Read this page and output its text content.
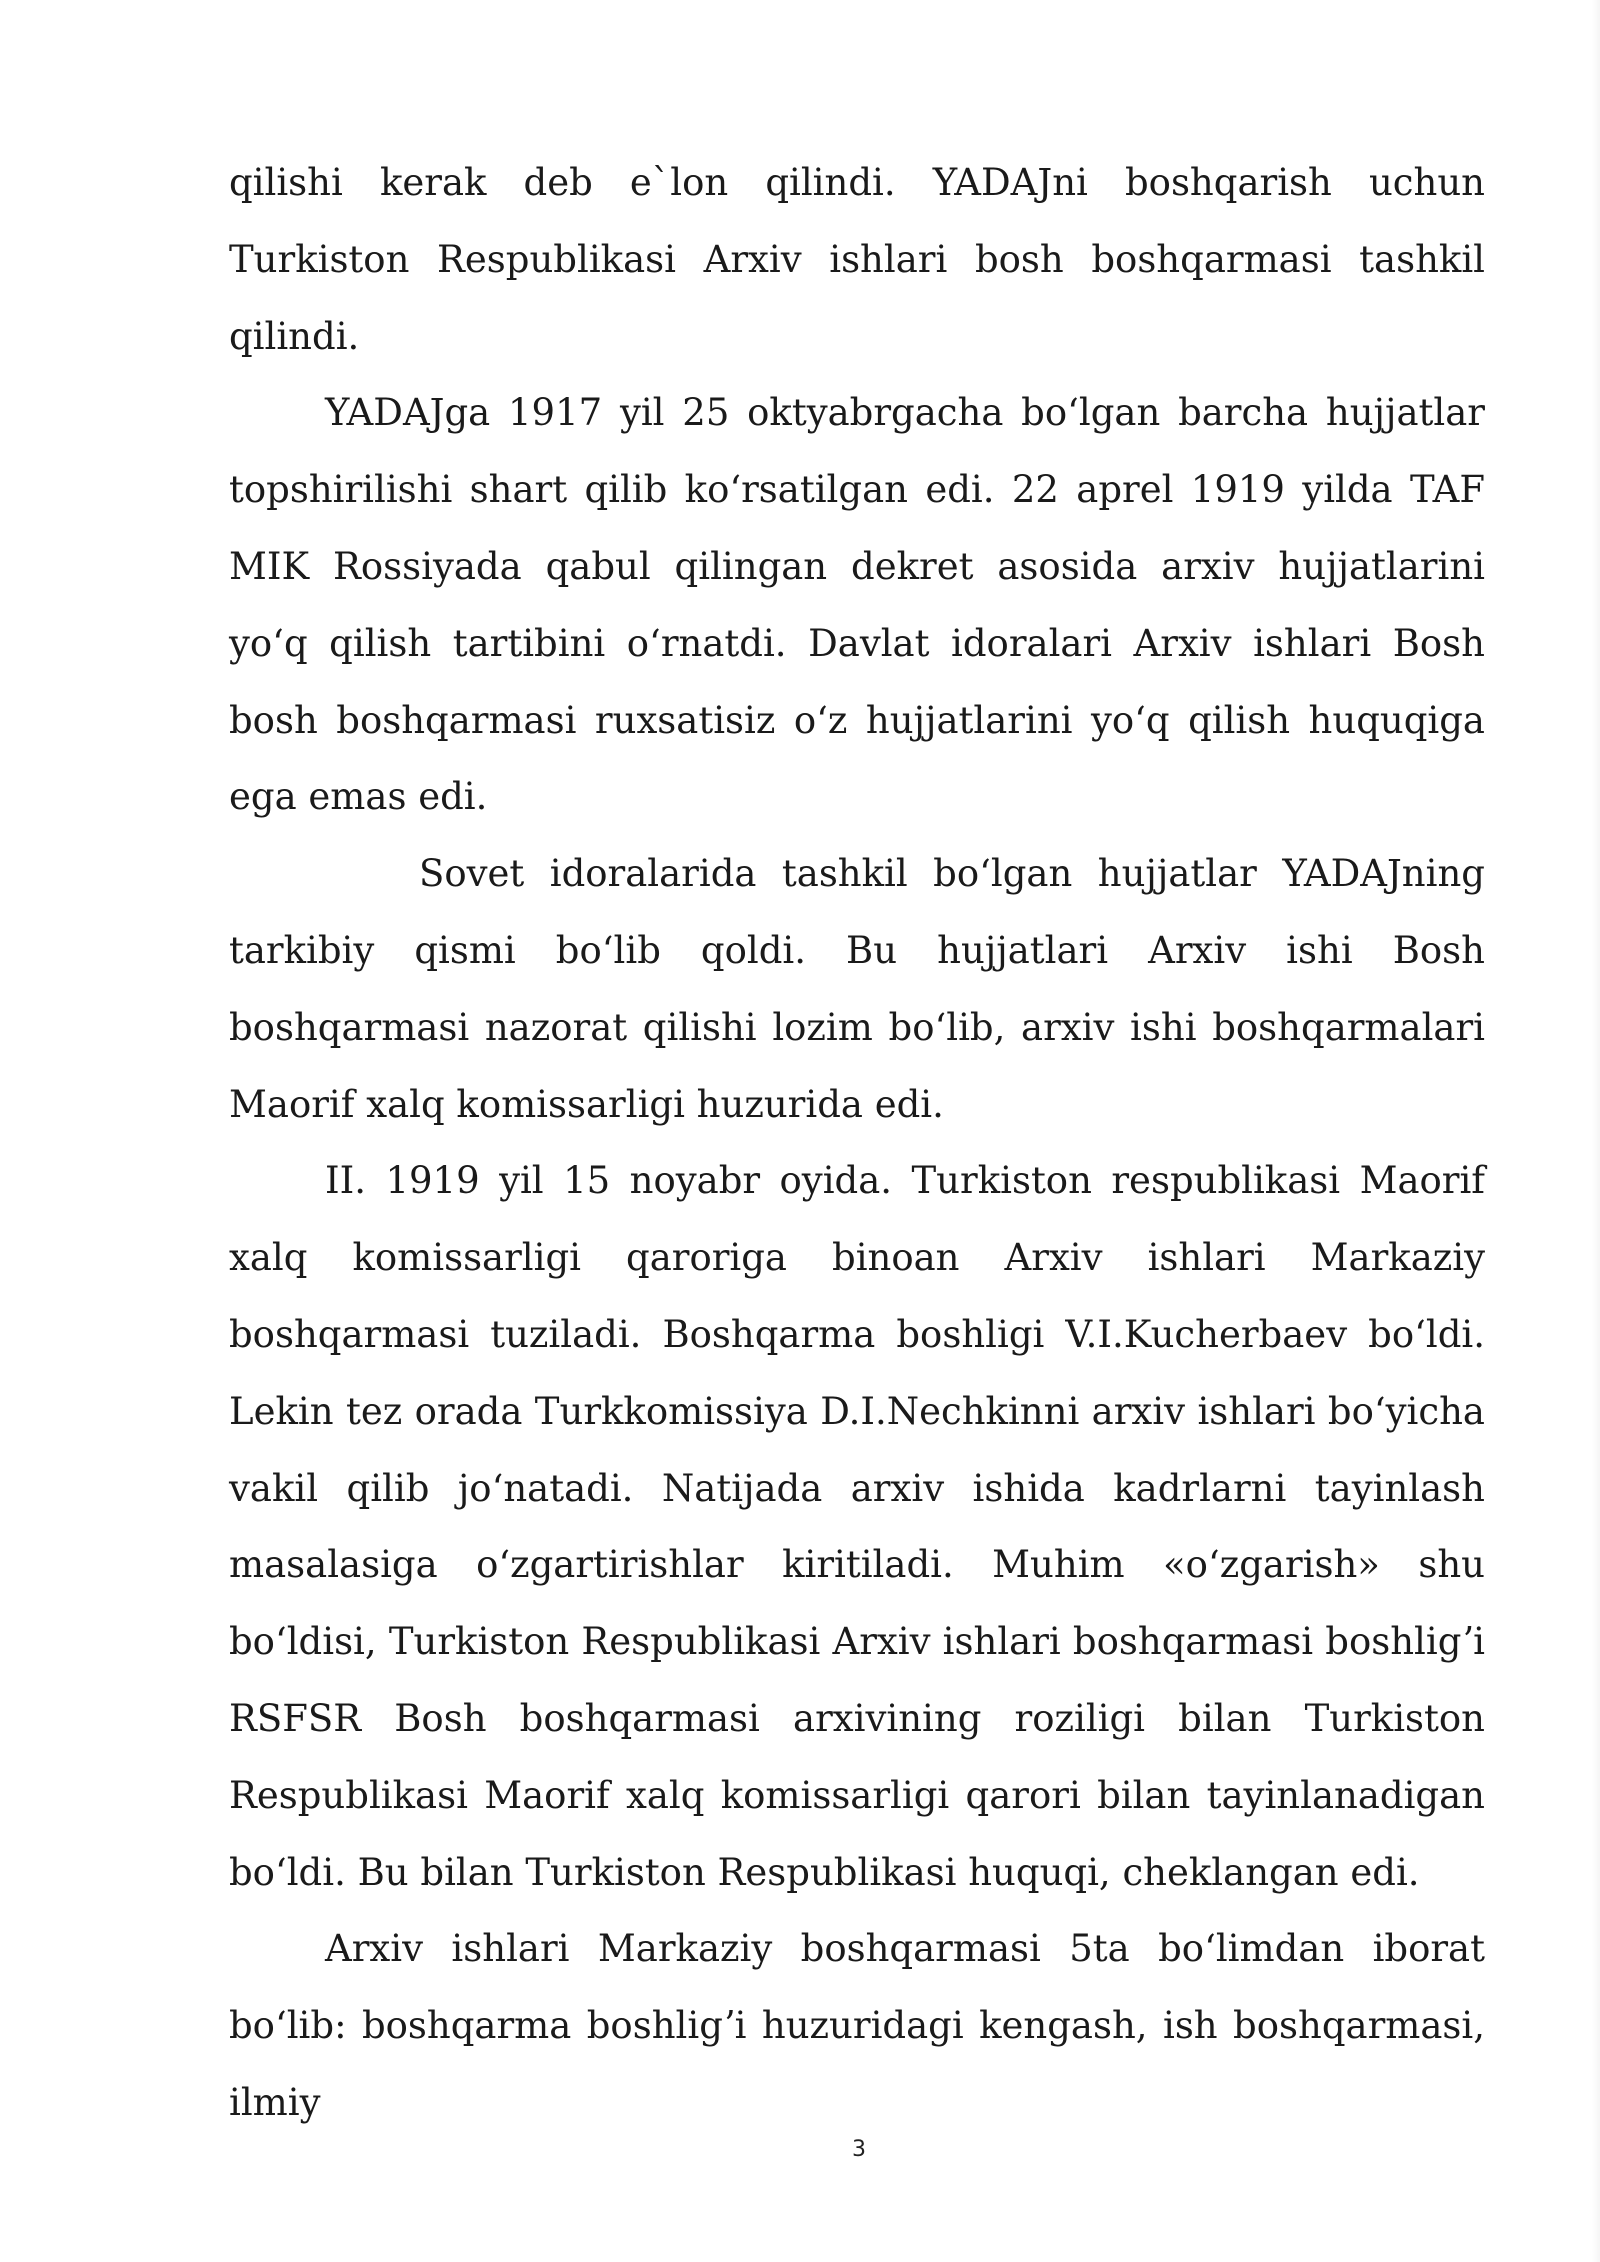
qilishi kerak deb e`lon qilindi. YADAJni boshqarish uchun Turkiston Respublikasi Arxiv ishlari bosh boshqarmasi tashkil qilindi.

YADAJga 1917 yil 25 oktyabrgacha boʻlgan barcha hujjatlar topshirilishi shart qilib koʻrsatilgan edi. 22 aprel 1919 yilda TAF MIK Rossiyada qabul qilingan dekret asosida arxiv hujjatlarini yoʻq qilish tartibini oʻrnatdi. Davlat idoralari Arxiv ishlari Bosh bosh boshqarmasi ruxsatisiz oʻz hujjatlarini yoʻq qilish huquqiga ega emas edi.

Sovet idoralarida tashkil boʻlgan hujjatlar YADAJning tarkibiy qismi boʻlib qoldi. Bu hujjatlari Arxiv ishi Bosh boshqarmasi nazorat qilishi lozim boʻlib, arxiv ishi boshqarmalari Maorif xalq komissarligi huzurida edi.

II. 1919 yil 15 noyabr oyida. Turkiston respublikasi Maorif xalq komissarligi qaroriga binoan Arxiv ishlari Markaziy boshqarmasi tuziladi. Boshqarma boshligi V.I.Kucherbaev boʻldi. Lekin tez orada Turkkomissiya D.I.Nechkinni arxiv ishlari boʻyicha vakil qilib joʻnatadi. Natijada arxiv ishida kadrlarni tayinlash masalasiga oʻzgartirishlar kiritiladi. Muhim «oʻzgarish» shu boʻldisi, Turkiston Respublikasi Arxiv ishlari boshqarmasi boshligʼi RSFSR Bosh boshqarmasi arxivining roziligi bilan Turkiston Respublikasi Maorif xalq komissarligi qarori bilan tayinlanadigan boʻldi. Bu bilan Turkiston Respublikasi huquqi, cheklangan edi.

Arxiv ishlari Markaziy boshqarmasi 5ta boʻlimdan iborat boʻlib: boshqarma boshligʼi huzuridagi kengash, ish boshqarmasi, ilmiy

3
